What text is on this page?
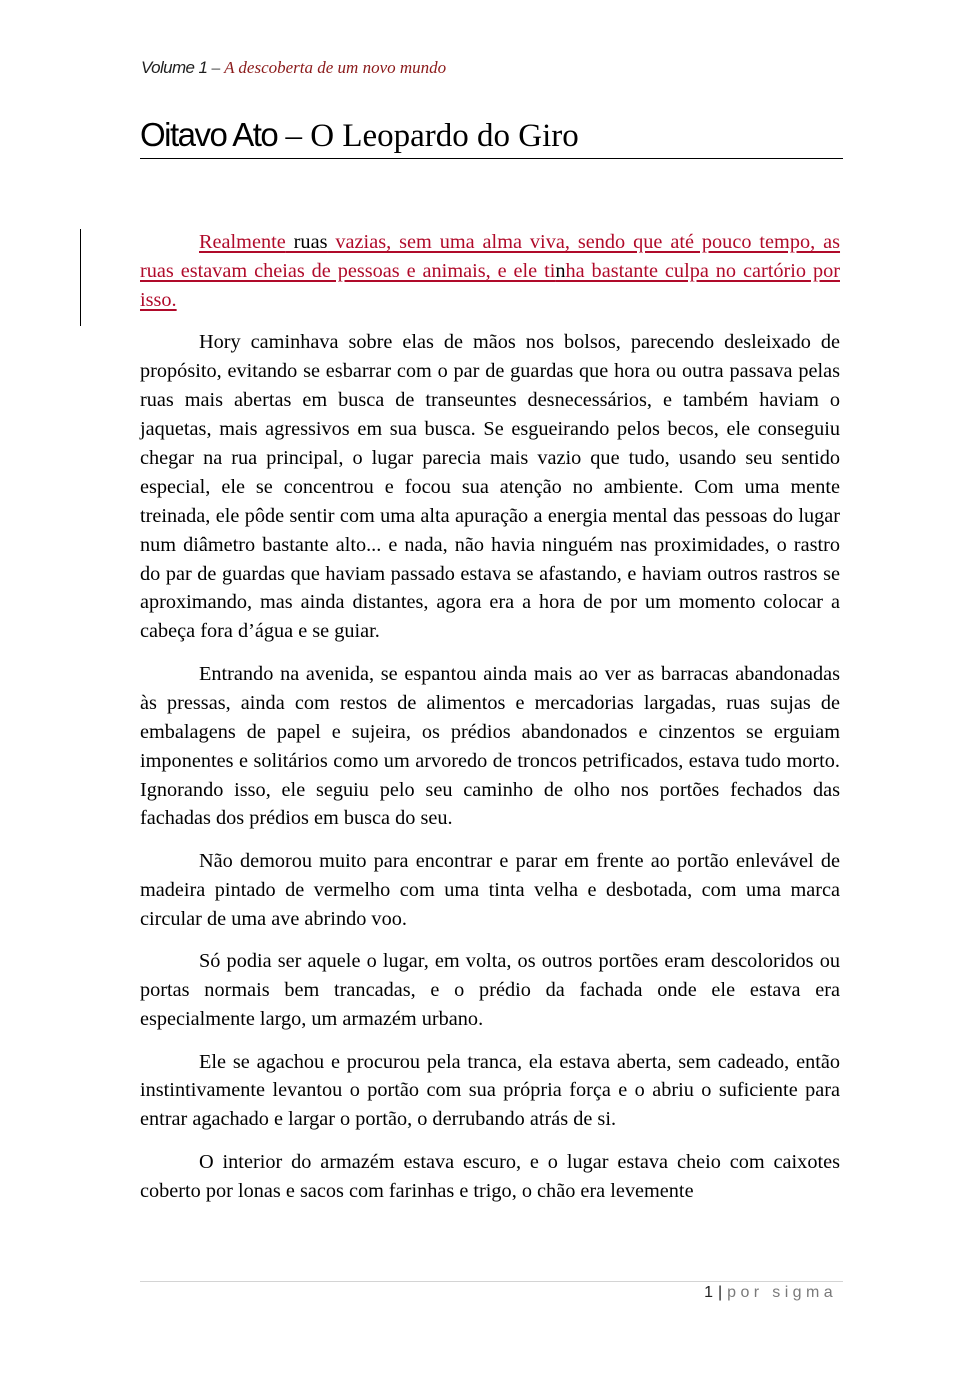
Volume 1 – A descoberta de um novo mundo
Oitavo Ato – O Leopardo do Giro

Realmente ruas vazias, sem uma alma viva, sendo que até pouco tempo, as ruas estavam cheias de pessoas e animais, e ele tinha bastante culpa no cartório por isso.

Hory caminhava sobre elas de mãos nos bolsos, parecendo desleixado de propósito, evitando se esbarrar com o par de guardas que hora ou outra passava pelas ruas mais abertas em busca de transeuntes desnecessários, e também haviam o jaquetas, mais agressivos em sua busca. Se esgueirando pelos becos, ele conseguiu chegar na rua principal, o lugar parecia mais vazio que tudo, usando seu sentido especial, ele se concentrou e focou sua atenção no ambiente. Com uma mente treinada, ele pôde sentir com uma alta apuração a energia mental das pessoas do lugar num diâmetro bastante alto... e nada, não havia ninguém nas proximidades, o rastro do par de guardas que haviam passado estava se afastando, e haviam outros rastros se aproximando, mas ainda distantes, agora era a hora de por um momento colocar a cabeça fora d’água e se guiar.

Entrando na avenida, se espantou ainda mais ao ver as barracas abandonadas às pressas, ainda com restos de alimentos e mercadorias largadas, ruas sujas de embalagens de papel e sujeira, os prédios abandonados e cinzentos se erguiam imponentes e solitários como um arvoredo de troncos petrificados, estava tudo morto. Ignorando isso, ele seguiu pelo seu caminho de olho nos portões fechados das fachadas dos prédios em busca do seu.

Não demorou muito para encontrar e parar em frente ao portão enlevável de madeira pintado de vermelho com uma tinta velha e desbotada, com uma marca circular de uma ave abrindo voo.

Só podia ser aquele o lugar, em volta, os outros portões eram descoloridos ou portas normais bem trancadas, e o prédio da fachada onde ele estava era especialmente largo, um armazém urbano.

Ele se agachou e procurou pela tranca, ela estava aberta, sem cadeado, então instintivamente levantou o portão com sua própria força e o abriu o suficiente para entrar agachado e largar o portão, o derrubando atrás de si.

O interior do armazém estava escuro, e o lugar estava cheio com caixotes coberto por lonas e sacos com farinhas e trigo, o chão era levemente

1 | por sigma
